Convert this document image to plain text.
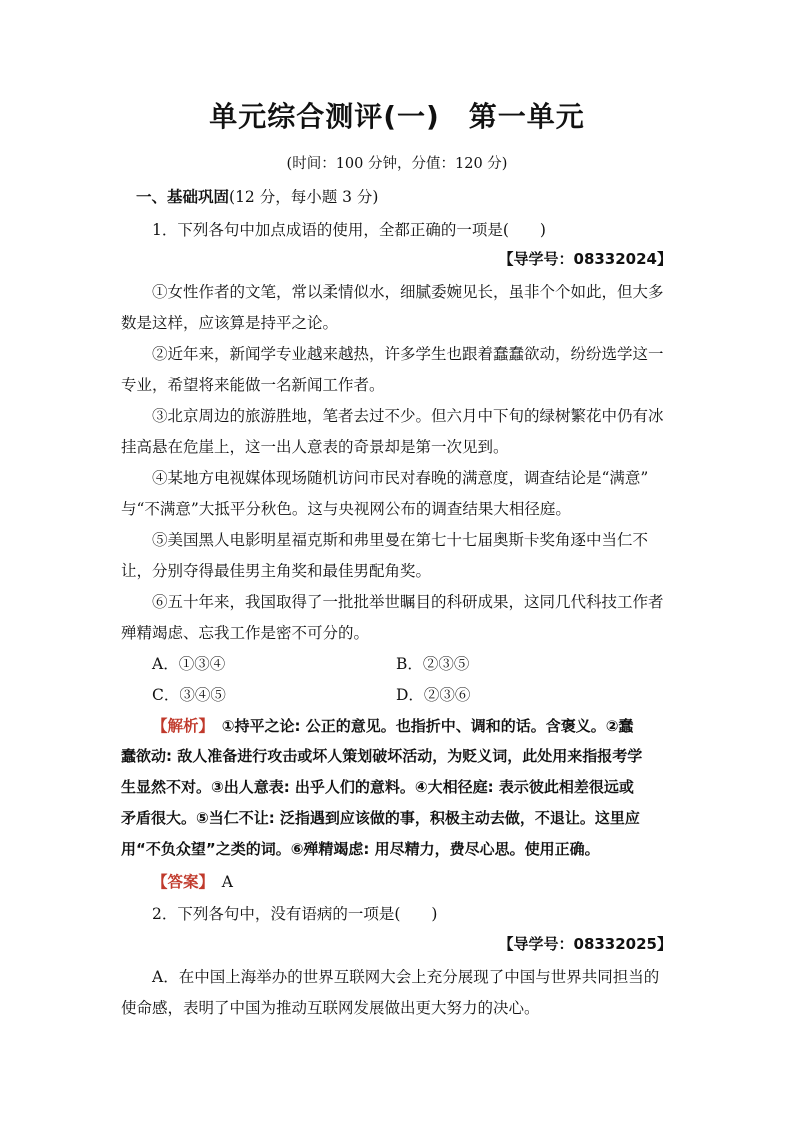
单元综合测评(一)　第一单元
(时间：100 分钟，分值：120 分)
一、基础巩固(12 分，每小题 3 分)
1．下列各句中加点成语的使用，全都正确的一项是(　　)
【导学号：08332024】
①女性作者的文笔，常以柔情似水，细腻委婉见长，虽非个个如此，但大多
数是这样，应该算是持平之论。
②近年来，新闻学专业越来越热，许多学生也跟着蠢蠢欲动，纷纷选学这一
专业，希望将来能做一名新闻工作者。
③北京周边的旅游胜地，笔者去过不少。但六月中下旬的绿树繁花中仍有冰
挂高悬在危崖上，这一出人意表的奇景却是第一次见到。
④某地方电视媒体现场随机访问市民对春晚的满意度，调查结论是“满意”
与“不满意”大抵平分秋色。这与央视网公布的调查结果大相径庭。
⑤美国黑人电影明星福克斯和弗里曼在第七十七届奥斯卡奖角逐中当仁不
让，分别夺得最佳男主角奖和最佳男配角奖。
⑥五十年来，我国取得了一批批举世瞩目的科研成果，这同几代科技工作者
殚精竭虑、忘我工作是密不可分的。
A．①③④	B．②③⑤
C．③④⑤	D．②③⑥
【解析】　 ①持平之论: 公正的意见。也指折中、调和的话。含褒义。②蠢
蠢欲动: 敌人准备进行攻击或坏人策划破坏活动，为贬义词，此处用来指报考学
生显然不对。③出人意表: 出乎人们的意料。④大相径庭: 表示彼此相差很远或
矛盾很大。⑤当仁不让: 泛指遇到应该做的事，积极主动去做，不退让。这里应
用“不负众望”之类的词。⑥殚精竭虑: 用尽精力，费尽心思。使用正确。
【答案】　 A
2．下列各句中，没有语病的一项是(　　)
【导学号：08332025】
A．在中国上海举办的世界互联网大会上充分展现了中国与世界共同担当的
使命感，表明了中国为推动互联网发展做出更大努力的决心。
